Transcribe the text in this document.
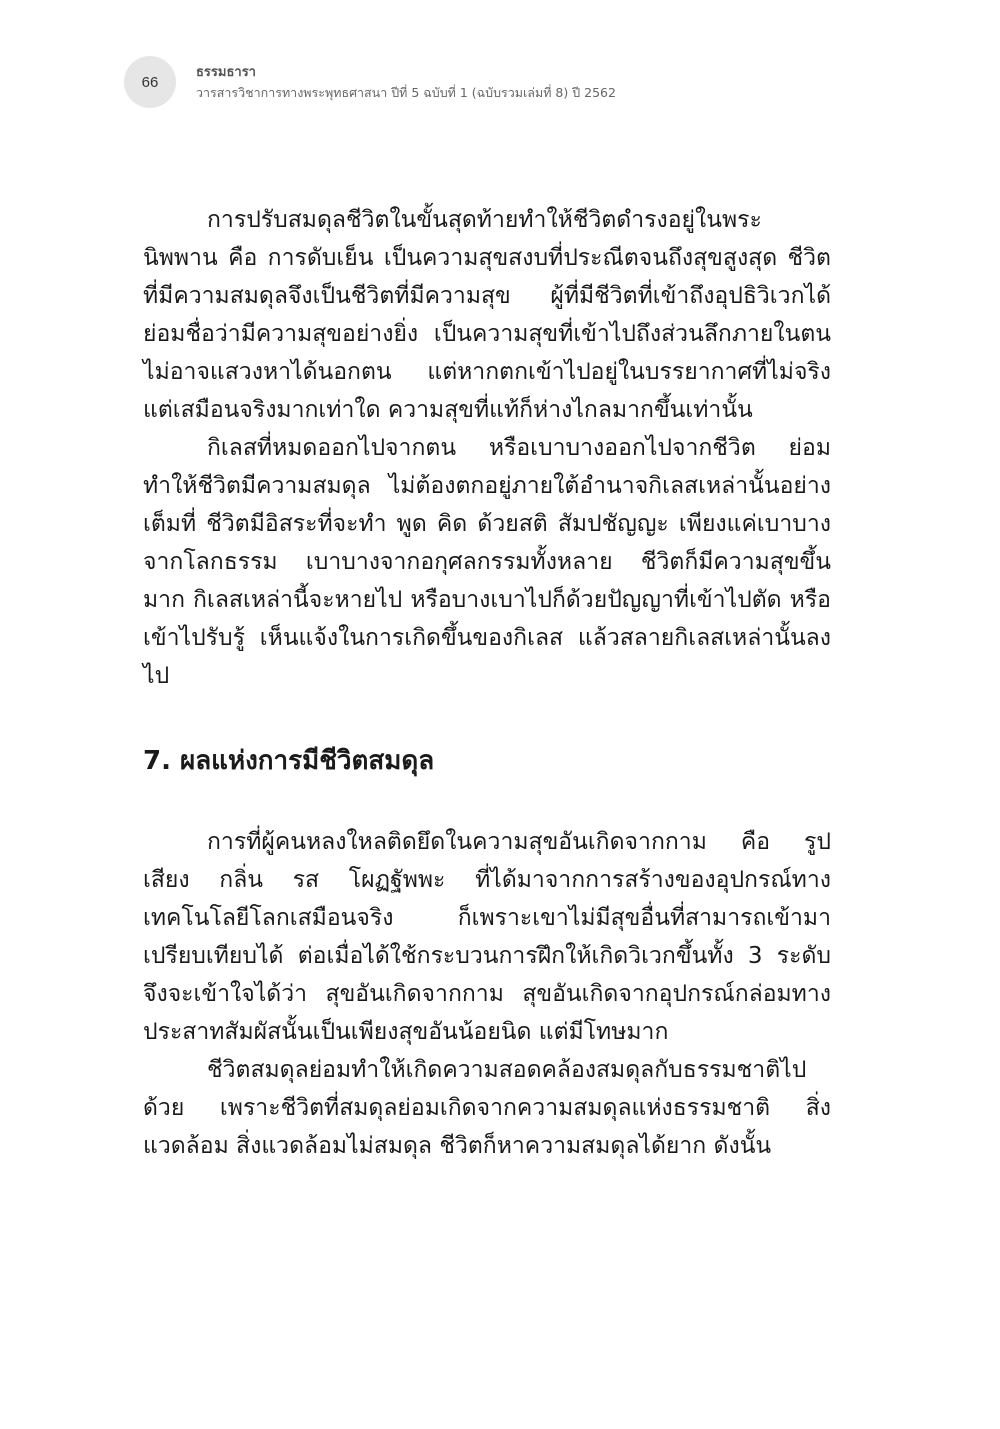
66
ธรรมธารา
วารสารวิชาการทางพระพุทธศาสนา ปีที่ 5 ฉบับที่ 1 (ฉบับรวมเล่มที่ 8) ปี 2562

การปรับสมดุลชีวิตในขั้นสุดท้ายทำให้ชีวิตดำรงอยู่ในพระนิพพาน คือ การดับเย็น เป็นความสุขสงบที่ประณีตจนถึงสุขสูงสุด ชีวิตที่มีความสมดุลจึงเป็นชีวิตที่มีความสุข ผู้ที่มีชีวิตที่เข้าถึงอุปธิวิเวกได้ ย่อมชื่อว่ามีความสุขอย่างยิ่ง เป็นความสุขที่เข้าไปถึงส่วนลึกภายในตน ไม่อาจแสวงหาได้นอกตน แต่หากตกเข้าไปอยู่ในบรรยากาศที่ไม่จริงแต่เสมือนจริงมากเท่าใด ความสุขที่แท้ก็ห่างไกลมากขึ้นเท่านั้น

กิเลสที่หมดออกไปจากตน หรือเบาบางออกไปจากชีวิต ย่อมทำให้ชีวิตมีความสมดุล ไม่ต้องตกอยู่ภายใต้อำนาจกิเลสเหล่านั้นอย่างเต็มที่ ชีวิตมีอิสระที่จะทำ พูด คิด ด้วยสติ สัมปชัญญะ เพียงแค่เบาบางจากโลกธรรม เบาบางจากอกุศลกรรมทั้งหลาย ชีวิตก็มีความสุขขึ้นมาก กิเลสเหล่านี้จะหายไป หรือบางเบาไปก็ด้วยปัญญาที่เข้าไปตัด หรือเข้าไปรับรู้ เห็นแจ้งในการเกิดขึ้นของกิเลส แล้วสลายกิเลสเหล่านั้นลงไป

7. ผลแห่งการมีชีวิตสมดุล

การที่ผู้คนหลงใหลติดยึดในความสุขอันเกิดจากกาม คือ รูป เสียง กลิ่น รส โผฏฐัพพะ ที่ได้มาจากการสร้างของอุปกรณ์ทางเทคโนโลยีโลกเสมือนจริง ก็เพราะเขาไม่มีสุขอื่นที่สามารถเข้ามาเปรียบเทียบได้ ต่อเมื่อได้ใช้กระบวนการฝึกให้เกิดวิเวกขึ้นทั้ง 3 ระดับ จึงจะเข้าใจได้ว่า สุขอันเกิดจากกาม สุขอันเกิดจากอุปกรณ์กล่อมทางประสาทสัมผัสนั้นเป็นเพียงสุขอันน้อยนิด แต่มีโทษมาก

ชีวิตสมดุลย่อมทำให้เกิดความสอดคล้องสมดุลกับธรรมชาติไปด้วย เพราะชีวิตที่สมดุลย่อมเกิดจากความสมดุลแห่งธรรมชาติ สิ่งแวดล้อม สิ่งแวดล้อมไม่สมดุล ชีวิตก็หาความสมดุลได้ยาก ดังนั้น
